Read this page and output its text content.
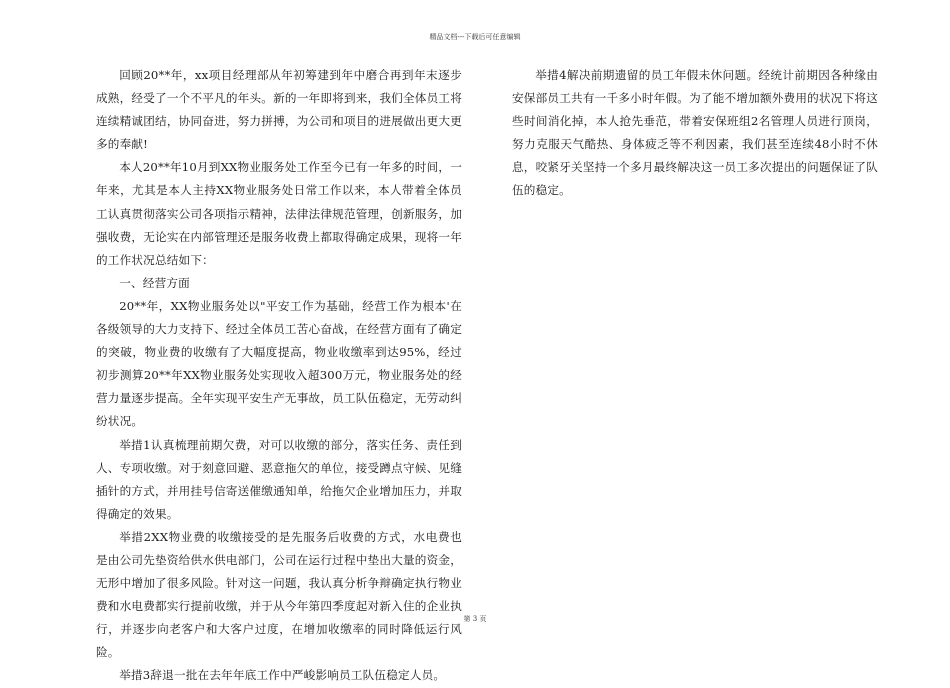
精品文档---下载后可任意编辑

回顾20**年，xx项目经理部从年初筹建到年中磨合再到年末逐步成熟，经受了一个不平凡的年头。新的一年即将到来，我们全体员工将连续精诚团结，协同奋进，努力拼搏，为公司和项目的进展做出更大更多的奉献!

本人20**年10月到XX物业服务处工作至今已有一年多的时间，一年来，尤其是本人主持XX物业服务处日常工作以来，本人带着全体员工认真贯彻落实公司各项指示精神，法律法律规范管理，创新服务，加强收费，无论实在内部管理还是服务收费上都取得确定成果，现将一年的工作状况总结如下：

一、经营方面

20**年，XX物业服务处以"平安工作为基础，经营工作为根本'在各级领导的大力支持下、经过全体员工苦心奋战，在经营方面有了确定的突破，物业费的收缴有了大幅度提高，物业收缴率到达95%，经过初步测算20**年XX物业服务处实现收入超300万元，物业服务处的经营力量逐步提高。全年实现平安生产无事故，员工队伍稳定，无劳动纠纷状况。

举措1认真梳理前期欠费，对可以收缴的部分，落实任务、责任到人、专项收缴。对于刻意回避、恶意拖欠的单位，接受蹲点守候、见缝插针的方式，并用挂号信寄送催缴通知单，给拖欠企业增加压力，并取得确定的效果。

举措2XX物业费的收缴接受的是先服务后收费的方式，水电费也是由公司先垫资给供水供电部门，公司在运行过程中垫出大量的资金，无形中增加了很多风险。针对这一问题，我认真分析争辩确定执行物业费和水电费都实行提前收缴，并于从今年第四季度起对新入住的企业执行，并逐步向老客户和大客户过度，在增加收缴率的同时降低运行风险。

举措3辞退一批在去年年底工作中严峻影响员工队伍稳定人员。

举措4解决前期遗留的员工年假未休问题。经统计前期因各种缘由安保部员工共有一千多小时年假。为了能不增加额外费用的状况下将这些时间消化掉，本人抢先垂范，带着安保班组2名管理人员进行顶岗，努力克服天气酷热、身体疲乏等不利因素，我们甚至连续48小时不休息，咬紧牙关坚持一个多月最终解决这一员工多次提出的问题保证了队伍的稳定。

第 3 页
